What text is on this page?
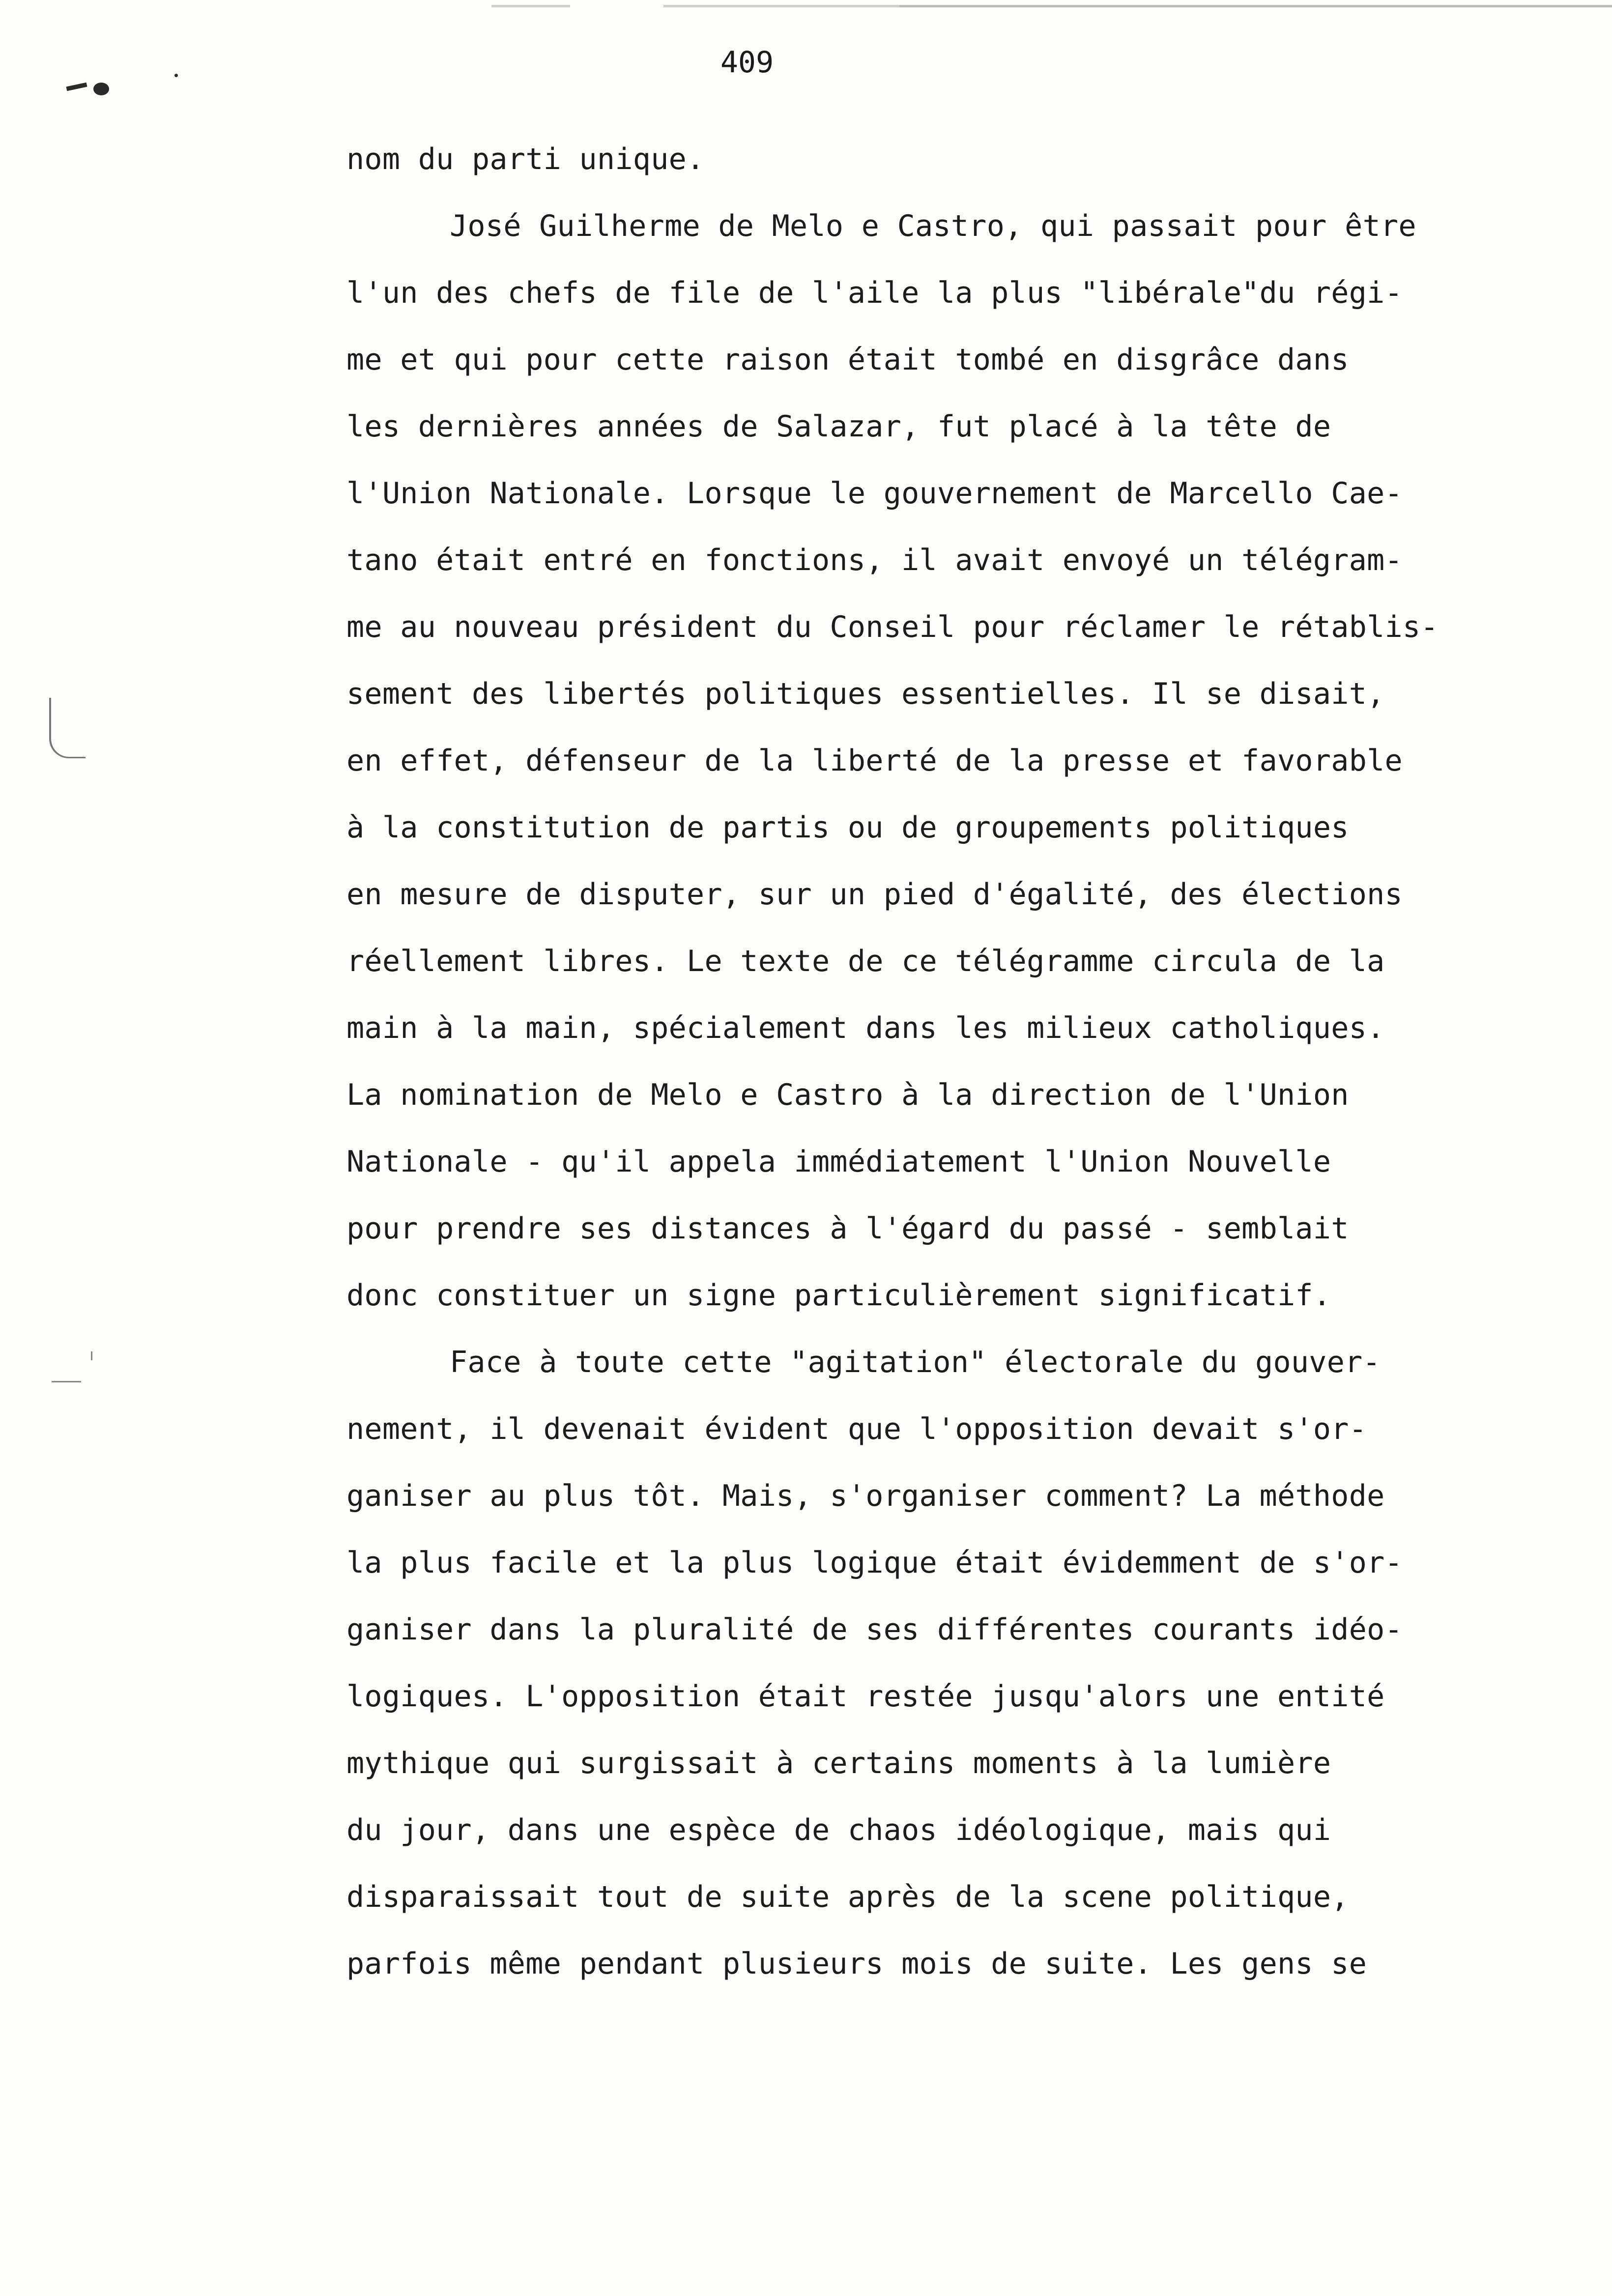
409
nom du parti unique.
José Guilherme de Melo e Castro, qui passait pour être
l'un des chefs de file de l'aile la plus "libérale"du régi-
me et qui pour cette raison était tombé en disgrâce dans
les dernières années de Salazar, fut placé à la tête de
l'Union Nationale. Lorsque le gouvernement de Marcello Cae-
tano était entré en fonctions, il avait envoyé un télégram-
me au nouveau président du Conseil pour réclamer le rétablis-
sement des libertés politiques essentielles. Il se disait,
en effet, défenseur de la liberté de la presse et favorable
à la constitution de partis ou de groupements politiques
en mesure de disputer, sur un pied d'égalité, des élections
réellement libres. Le texte de ce télégramme circula de la
main à la main, spécialement dans les milieux catholiques.
La nomination de Melo e Castro à la direction de l'Union
Nationale - qu'il appela immédiatement l'Union Nouvelle
pour prendre ses distances à l'égard du passé - semblait
donc constituer un signe particulièrement significatif.
Face à toute cette "agitation" électorale du gouver-
nement, il devenait évident que l'opposition devait s'or-
ganiser au plus tôt. Mais, s'organiser comment? La méthode
la plus facile et la plus logique était évidemment de s'or-
ganiser dans la pluralité de ses différentes courants idéo-
logiques. L'opposition était restée jusqu'alors une entité
mythique qui surgissait à certains moments à la lumière
du jour, dans une espèce de chaos idéologique, mais qui
disparaissait tout de suite après de la scene politique,
parfois même pendant plusieurs mois de suite. Les gens se
